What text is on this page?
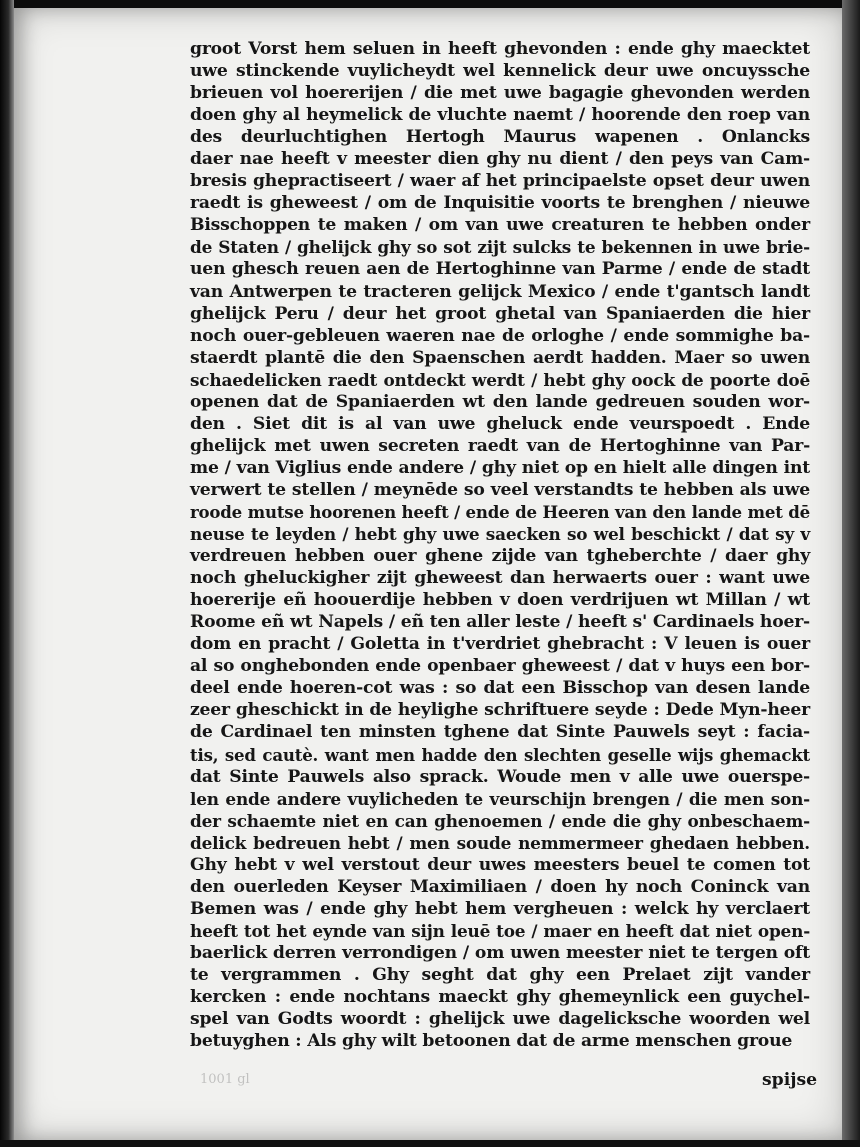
groot Vorst hem seluen in heeft ghevonden : ende ghy maecktet
uwe stinckende vuylicheydt wel kennelick deur uwe oncuyssche
brieuen vol hoererijen / die met uwe bagagie ghevonden werden
doen ghy al heymelick de vluchte naemt / hoorende den roep van
des deurluchtighen Hertogh Maurus wapenen . Onlancks
daer nae heeft v meester dien ghy nu dient / den peys van Cam-
bresis ghepractiseert / waer af het principaelste opset deur uwen
raedt is gheweest / om de Inquisitie voorts te brenghen / nieuwe
Bisschoppen te maken / om van uwe creaturen te hebben onder
de Staten / ghelijck ghy so sot zijt sulcks te bekennen in uwe brie-
uen ghesch reuen aen de Hertoghinne van Parme / ende de stadt
van Antwerpen te tracteren gelijck Mexico / ende t'gantsch landt
ghelijck Peru / deur het groot ghetal van Spaniaerden die hier
noch ouer-gebleuen waeren nae de orloghe / ende sommighe ba-
staerdt plantē die den Spaenschen aerdt hadden. Maer so uwen
schaedelicken raedt ontdeckt werdt / hebt ghy oock de poorte doē
openen dat de Spaniaerden wt den lande gedreuen souden wor-
den . Siet dit is al van uwe gheluck ende veurspoedt . Ende
ghelijck met uwen secreten raedt van de Hertoghinne van Par-
me / van Viglius ende andere / ghy niet op en hielt alle dingen int
verwert te stellen / meynēde so veel verstandts te hebben als uwe
roode mutse hoorenen heeft / ende de Heeren van den lande met dē
neuse te leyden / hebt ghy uwe saecken so wel beschickt / dat sy v
verdreuen hebben ouer ghene zijde van tgheberchte / daer ghy
noch gheluckigher zijt gheweest dan herwaerts ouer : want uwe
hoererije eñ hoouerdije hebben v doen verdrijuen wt Millan / wt
Roome eñ wt Napels / eñ ten aller leste / heeft s' Cardinaels hoer-
dom en pracht / Goletta in t'verdriet ghebracht : V leuen is ouer
al so onghebonden ende openbaer gheweest / dat v huys een bor-
deel ende hoeren-cot was : so dat een Bisschop van desen lande
zeer gheschickt in de heylighe schriftuere seyde : Dede Myn-heer
de Cardinael ten minsten tghene dat Sinte Pauwels seyt : facia-
tis, sed cautè. want men hadde den slechten gesellе wijs ghemackt
dat Sinte Pauwels alsо sprack. Woude men v alle uwe ouerspe-
len ende andere vuylicheden te veurschijn brengen / die men son-
der schaemte niet en can ghenoemen / ende die ghy onbeschaem-
delick bedreuen hebt / men soude nemmermeer ghedaen hebben.
Ghy hebt v wel verstout deur uwes meesters beuel te comen tot
den ouerleden Keyser Maximiliaen / doen hy noch Coninck van
Bemen was / ende ghy hebt hem vergheuen : welck hy verclaert
heeft tot het eynde van sijn leuē toe / maer en heeft dat niet open-
baerlick derren verrondigen / om uwen meester niet te tergen oft
te vergrammen . Ghy seght dat ghy een Prelaet zijt vander
kercken : ende nochtans maeckt ghy ghemeynlick een guychel-
spel van Godts woordt : ghelijck uwe dagelicksche woorden wel
betuyghen : Als ghy wilt betoonen dat de arme menschen groue
1001 gl	spijse
